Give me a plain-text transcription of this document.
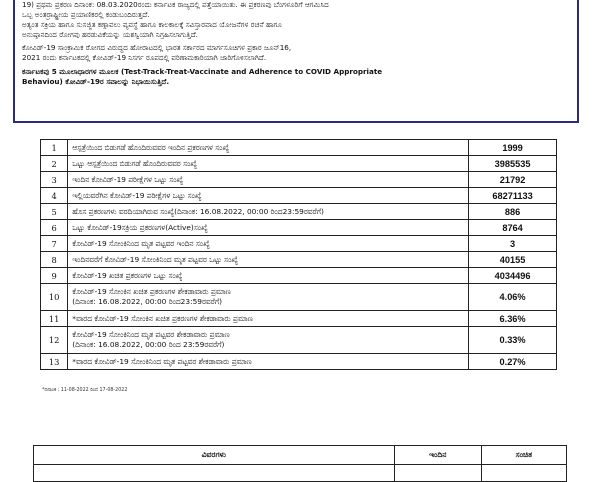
19) ಪ್ರಥಮ ಪ್ರಕರಣ ದಿನಾಂಕ: 08.03.2020ರಂದು ಕರ್ನಾಟಕ ರಾಜ್ಯದಲ್ಲಿ ಪತ್ತೆಯಾಯಿತು. ಈ ಪ್ರಕರಣವು ಬೆಂಗಳೂರಿಗೆ ಆಗಮಿಸಿದ

ಒಬ್ಬ ಅಂತರ್‍ರಾಷ್ಟ್ರೀಯ ಪ್ರಯಾಣಿಕರಲ್ಲಿ ಕಂಡುಬಂದಿರುತ್ತದೆ.

ಅತ್ಯಂತ ಸಕ್ರಿಯ ಹಾಗೂ ಸುಸಜ್ಜಿತ ಕಣ್ಗಾವಲು ವ್ಯವಸ್ಥೆ ಹಾಗೂ ಕಾಲಕಾಲಕ್ಕೆ ಸವಿಸ್ತಾರವಾದ ಯೋಜನೆಗಳ ರಚನೆ ಹಾಗೂ

ಅನುಷ್ಠಾನದಿಂದ ರೋಗವು ಹರಡುವಿಕೆಯನ್ನು ಯಶಸ್ವಿಯಾಗಿ ನಿಗ್ರಹಿಸಲಾಗುತ್ತಿದೆ.

ಕೋವಿಡ್-19 ಸಾಂಕ್ರಾಮಿಕ ರೋಗದ ವಿರುದ್ಧದ ಹೋರಾಟದಲ್ಲಿ ಭಾರತ ಸರ್ಕಾರದ ಮಾರ್ಗಸೂಚಿಗಳ ಪ್ರಕಾರ ಜೂನ್16,

2021 ರಂದು ಕರ್ನಾಟಕದಲ್ಲಿ ಕೋವಿಡ್-19 ನಿಸರ್ಗ ರೂಪದಲ್ಲಿ ಪರಿಣಾಮಕಾರಿಯಾಗಿ ಜಾರಿಗೊಳಿಸಲಾಗಿದೆ.

ಕರ್ನಾಟಕವು 5 ಮೂಲಾಧಾರಗಳ ಮೂಲಕ (Test-Track-Treat-Vaccinate and Adherence to COVID Appropriate

Behaviou) ಕೋವಿಡ್-19ರ ಸವಾಲನ್ನು ನಿಭಾಯಿಸುತ್ತಿದೆ.

1	ಆಸ್ಪತ್ರೆಯಿಂದ ಬಿಡುಗಡೆ ಹೊಂದಿರುವವರ ಇಂದಿನ ಪ್ರಕರಣಗಳ ಸಂಖ್ಯೆ	1999
2	ಒಟ್ಟು ಆಸ್ಪತ್ರೆಯಿಂದ ಬಿಡುಗಡೆ ಹೊಂದಿರುವವರ ಸಂಖ್ಯೆ	3985535
3	ಇಂದಿನ ಕೋವಿಡ್-19 ಪರೀಕ್ಷೆಗಳ ಒಟ್ಟು ಸಂಖ್ಯೆ	21792
4	ಇಲ್ಲಿಯವರೆಗಿನ ಕೋವಿಡ್-19 ಪರೀಕ್ಷೆಗಳ ಒಟ್ಟು ಸಂಖ್ಯೆ	68271133
5	ಹೊಸ ಪ್ರಕರಣಗಳು ವರದಿಯಾಗಿರುವ ಸಂಖ್ಯೆ(ದಿನಾಂಕ: 16.08.2022, 00:00 ರಿಂದ23:59ರವರೆಗೆ)	886
6	ಒಟ್ಟು ಕೋವಿಡ್-19ಸಕ್ರಿಯ ಪ್ರಕರಣಗಳ(Active)ಸಂಖ್ಯೆ	8764
7	ಕೋವಿಡ್-19 ಸೋಂಕಿನಿಂದ ಮೃತ ಪಟ್ಟವರ ಇಂದಿನ ಸಂಖ್ಯೆ	3
8	ಇಂದಿನವರೆಗೆ ಕೋವಿಡ್-19 ಸೋಂಕಿನಿಂದ ಮೃತ ಪಟ್ಟವರ ಒಟ್ಟು ಸಂಖ್ಯೆ	40155
9	ಕೋವಿಡ್-19 ಖಚಿತ ಪ್ರಕರಣಗಳ ಒಟ್ಟು ಸಂಖ್ಯೆ	4034496
10	ಕೋವಿಡ್-19 ಸೋಂಕಿನ ಖಚಿತ ಪ್ರಕರಣಗಳ ಶೇಕಡಾವಾರು ಪ್ರಮಾಣ
(ದಿನಾಂಕ: 16.08.2022, 00:00 ರಿಂದ23:59ರವರೆಗೆ)	4.06%
11	*ವಾರದ ಕೋವಿಡ್-19 ಸೋಂಕಿನ ಖಚಿತ ಪ್ರಕರಣಗಳ ಶೇಕಡಾವಾರು ಪ್ರಮಾಣ	6.36%
12	ಕೋವಿಡ್-19 ಸೋಂಕಿನಿಂದ ಮೃತ ಪಟ್ಟವರ ಶೇಕಡಾವಾರು ಪ್ರಮಾಣ
(ದಿನಾಂಕ: 16.08.2022, 00:00 ರಿಂದ 23:59ರವರೆಗೆ)	0.33%
13	*ವಾರದ ಕೋವಿಡ್-19 ಸೋಂಕಿನಿಂದ ಮೃತ ಪಟ್ಟವರ ಶೇಕಡಾವಾರು ಪ್ರಮಾಣ	0.27%
*ದಿನಾಂಕ : 11-08-2022 ರಿಂದ 17-08-2022
ವಿವರಗಳು	ಇಂದಿನ	ಸಂಚಿತ
